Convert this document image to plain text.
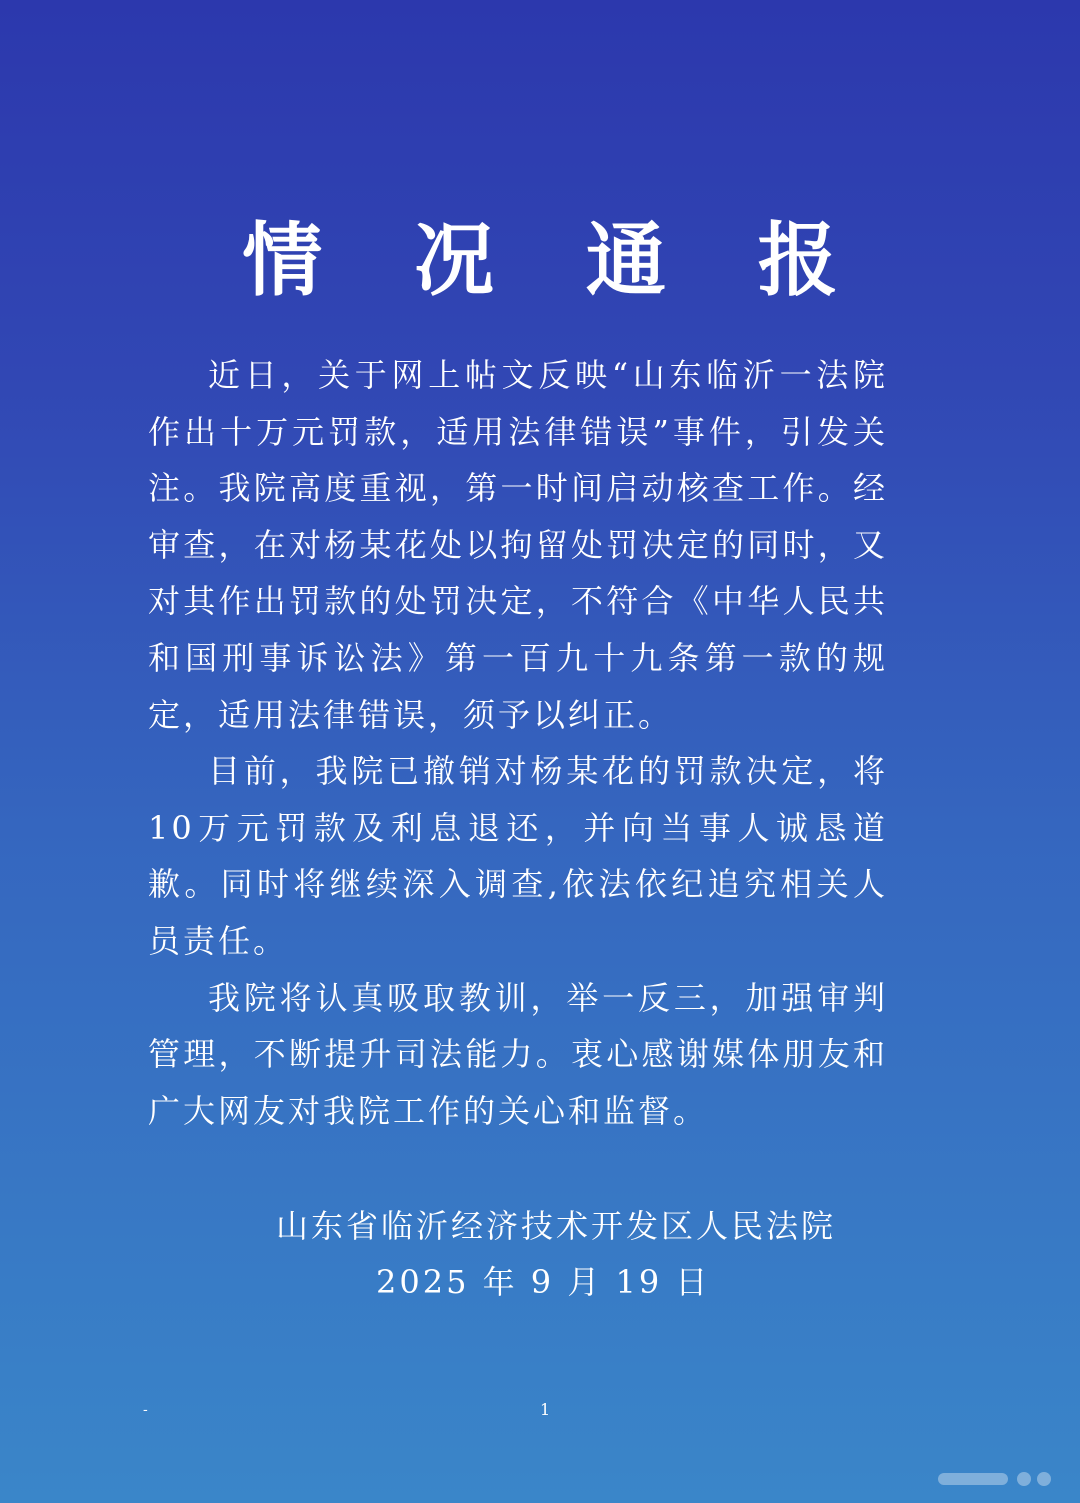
情 况 通 报

近日，关于网上帖文反映“山东临沂一法院作出十万元罚款，适用法律错误”事件，引发关注。我院高度重视，第一时间启动核查工作。经审查，在对杨某花处以拘留处罚决定的同时，又对其作出罚款的处罚决定，不符合《中华人民共和国刑事诉讼法》第一百九十九条第一款的规定，适用法律错误，须予以纠正。

目前，我院已撤销对杨某花的罚款决定，将10万元罚款及利息退还，并向当事人诚恳道歉。同时将继续深入调查,依法依纪追究相关人员责任。

我院将认真吸取教训，举一反三，加强审判管理，不断提升司法能力。衷心感谢媒体朋友和广大网友对我院工作的关心和监督。

山东省临沂经济技术开发区人民法院
2025 年 9 月 19 日
-	1
